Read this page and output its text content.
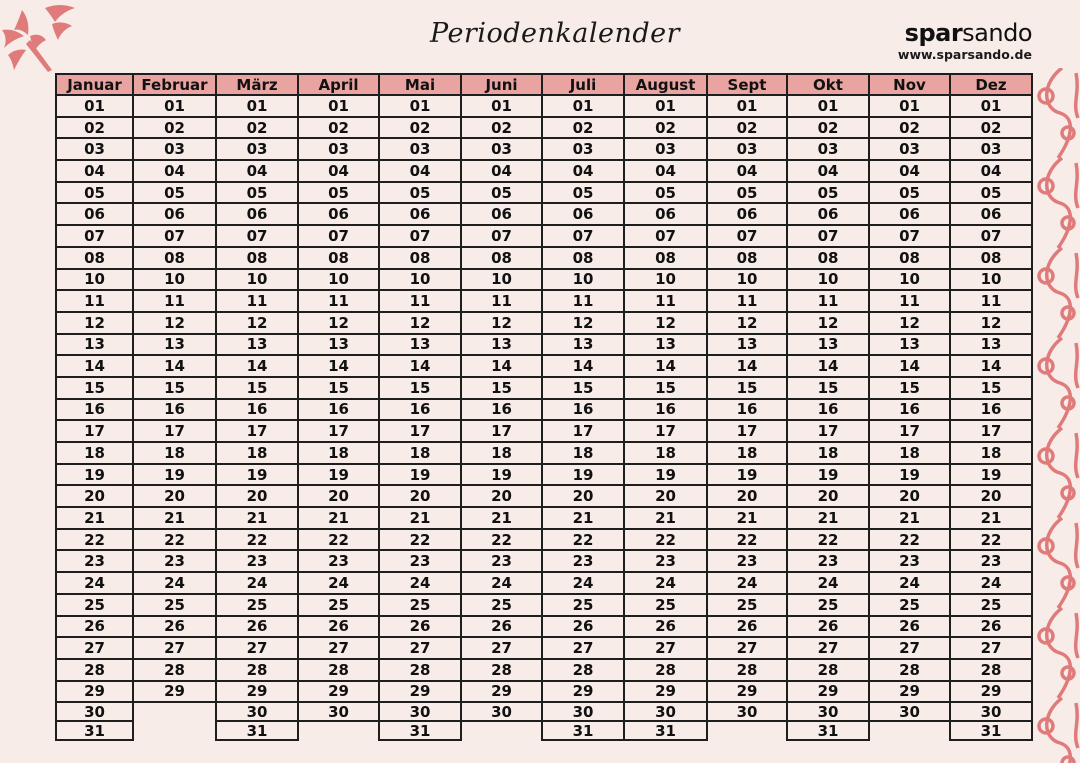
Periodenkalender	sparsando
www.sparsando.de
Januar
01
02
03
04
05
06
07
08
10
11
12
13
14
15
16
17
18
19
20
21
22
23
24
25
26
27
28
29
30
31
Februar
01
02
03
04
05
06
07
08
10
11
12
13
14
15
16
17
18
19
20
21
22
23
24
25
26
27
28
29
März
01
02
03
04
05
06
07
08
10
11
12
13
14
15
16
17
18
19
20
21
22
23
24
25
26
27
28
29
30
31
April
01
02
03
04
05
06
07
08
10
11
12
13
14
15
16
17
18
19
20
21
22
23
24
25
26
27
28
29
30
Mai
01
02
03
04
05
06
07
08
10
11
12
13
14
15
16
17
18
19
20
21
22
23
24
25
26
27
28
29
30
31
Juni
01
02
03
04
05
06
07
08
10
11
12
13
14
15
16
17
18
19
20
21
22
23
24
25
26
27
28
29
30
Juli
01
02
03
04
05
06
07
08
10
11
12
13
14
15
16
17
18
19
20
21
22
23
24
25
26
27
28
29
30
31
August
01
02
03
04
05
06
07
08
10
11
12
13
14
15
16
17
18
19
20
21
22
23
24
25
26
27
28
29
30
31
Sept
01
02
03
04
05
06
07
08
10
11
12
13
14
15
16
17
18
19
20
21
22
23
24
25
26
27
28
29
30
Okt
01
02
03
04
05
06
07
08
10
11
12
13
14
15
16
17
18
19
20
21
22
23
24
25
26
27
28
29
30
31
Nov
01
02
03
04
05
06
07
08
10
11
12
13
14
15
16
17
18
19
20
21
22
23
24
25
26
27
28
29
30
Dez
01
02
03
04
05
06
07
08
10
11
12
13
14
15
16
17
18
19
20
21
22
23
24
25
26
27
28
29
30
31
